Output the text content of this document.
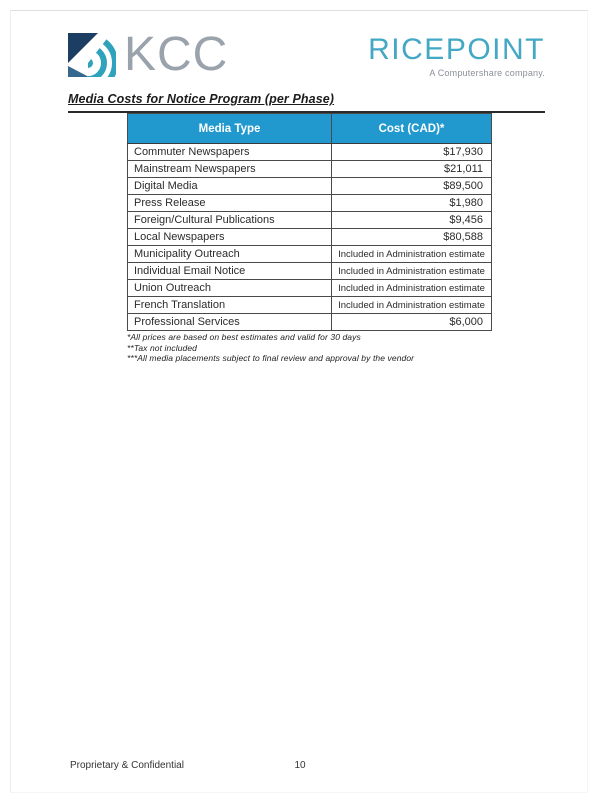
KCC	RICEPOINT
A Computershare company.
Media Costs for Notice Program (per Phase)
Media Type	Cost (CAD)*
Commuter Newspapers	$17,930
Mainstream Newspapers	$21,011
Digital Media	$89,500
Press Release	$1,980
Foreign/Cultural Publications	$9,456
Local Newspapers	$80,588
Municipality Outreach	Included in Administration estimate
Individual Email Notice	Included in Administration estimate
Union Outreach	Included in Administration estimate
French Translation	Included in Administration estimate
Professional Services	$6,000
*All prices are based on best estimates and valid for 30 days
**Tax not included
***All media placements subject to final review and approval by the vendor
Proprietary & Confidential	10
